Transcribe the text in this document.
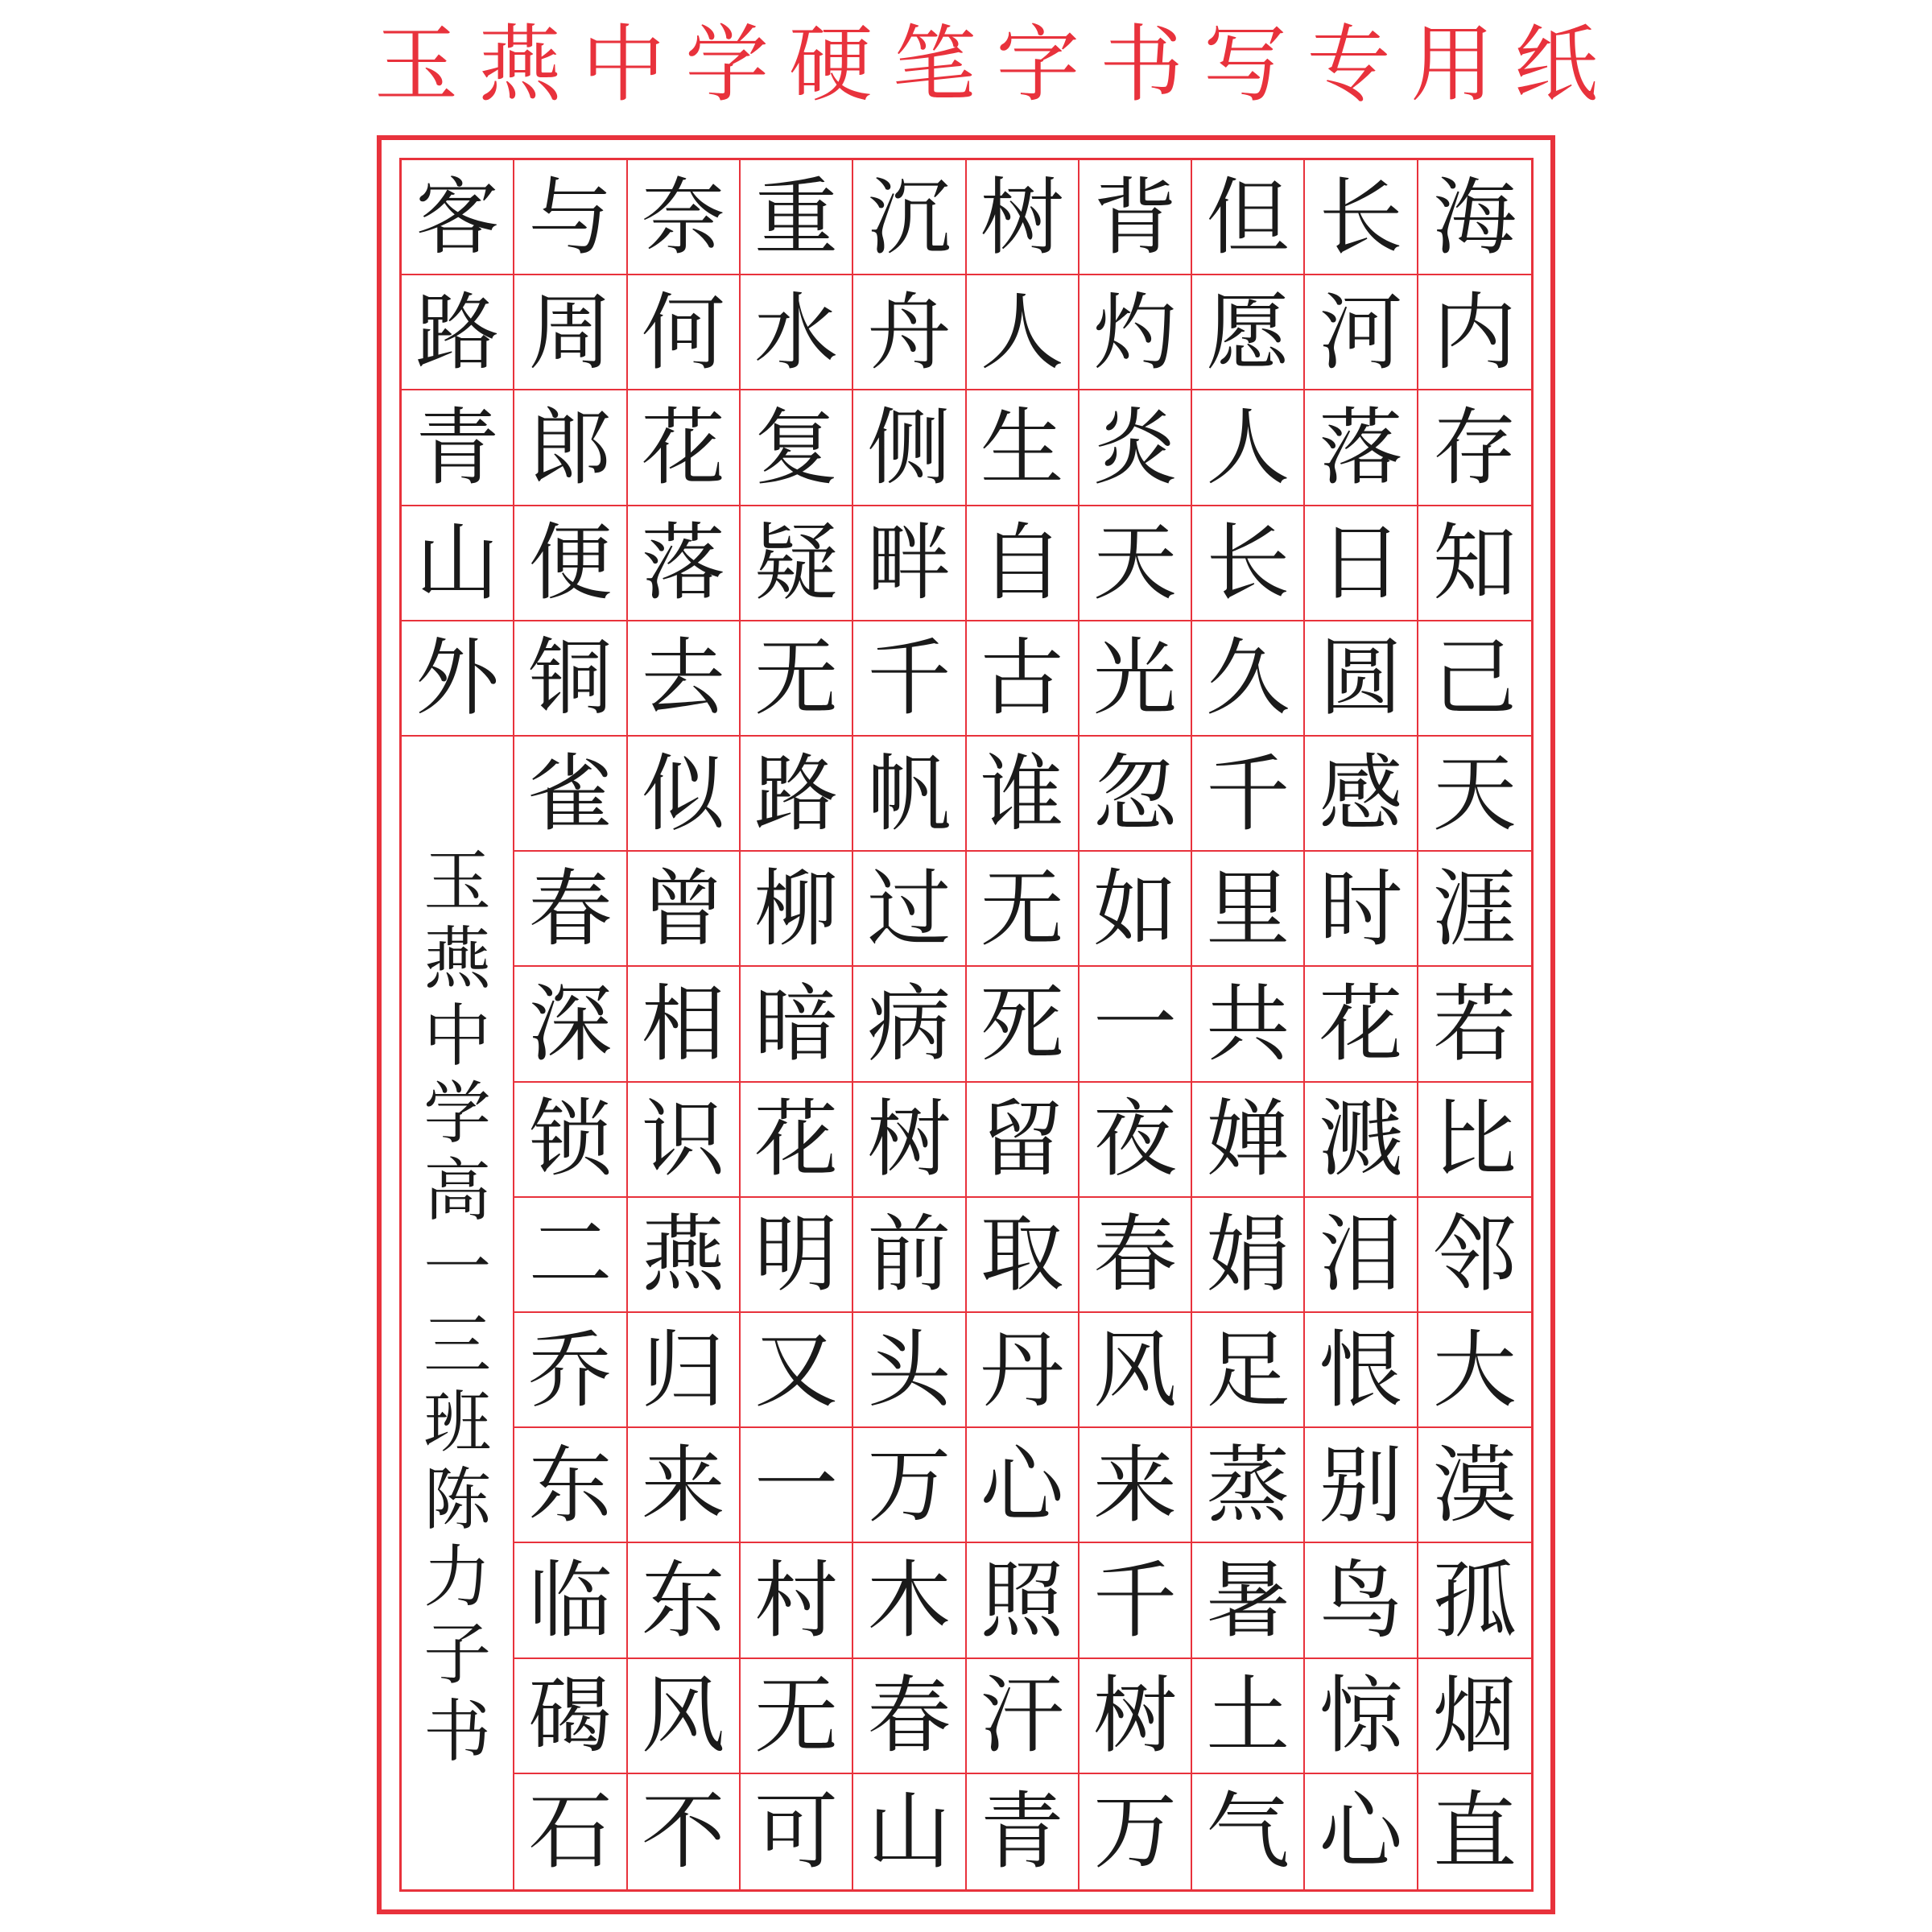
玉 燕 中 学 硬 笔 字 书 写 专 用 纸
客 与 奈 重 沉 树 背 但 长 海
路 周 何 水 舟 人 灼 愿 河 内
青 郎 花 复 侧 生 炎 人 落 存
山 便 落 疑 畔 自 天 长 日 知
外 铜 去 无 千 古 光 久 圆 己
雀 似 路 帆 谁 忽 千 感 天
春 曾 柳 过 无 如 里 时 涯
深 相 暗 病 死 一 共 花 若
锁 识 花 树 留 夜 婵 溅 比
二 燕 明 前 取 春 娟 泪 邻
乔 归 又 头 丹 风 足 恨 大
东 来 一 万 心 来 蒸 别 漠
临 东 村 木 照 千 暑 鸟 孤
碣 风 无 春 汗 树 土 惊 烟
石 不 可 山 青 万 气 心 直
玉
燕
中
学
高
一
三
班
陈
力
子
书
